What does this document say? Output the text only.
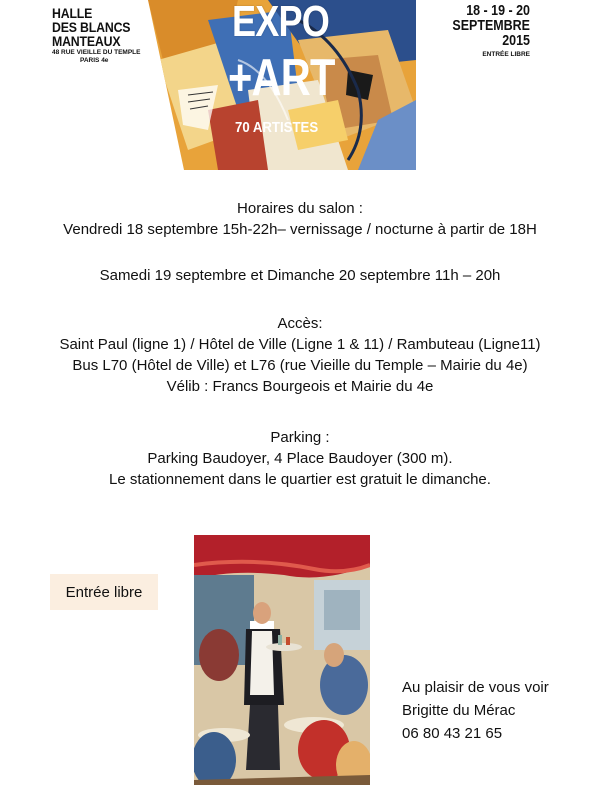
HALLE
DES BLANCS
MANTEAUX
48 RUE VIEILLE DU TEMPLE
PARIS 4e
EXPO
+ART
70 ARTISTES
18 - 19 - 20
SEPTEMBRE
2015
ENTRÉE LIBRE

Horaires du salon :

Vendredi 18 septembre 15h-22h– vernissage / nocturne à partir de 18H

Samedi 19 septembre et Dimanche 20 septembre 11h – 20h

Accès:

Saint Paul (ligne 1) / Hôtel de Ville (Ligne 1 & 11) / Rambuteau (Ligne11)

Bus L70 (Hôtel de Ville) et L76 (rue Vieille du Temple – Mairie du 4e)

Vélib : Francs Bourgeois et Mairie du 4e

Parking :

Parking Baudoyer, 4 Place Baudoyer (300 m).

Le stationnement dans le quartier est gratuit le dimanche.

Entrée libre

Au plaisir de vous voir

Brigitte du Mérac

06 80 43 21 65
